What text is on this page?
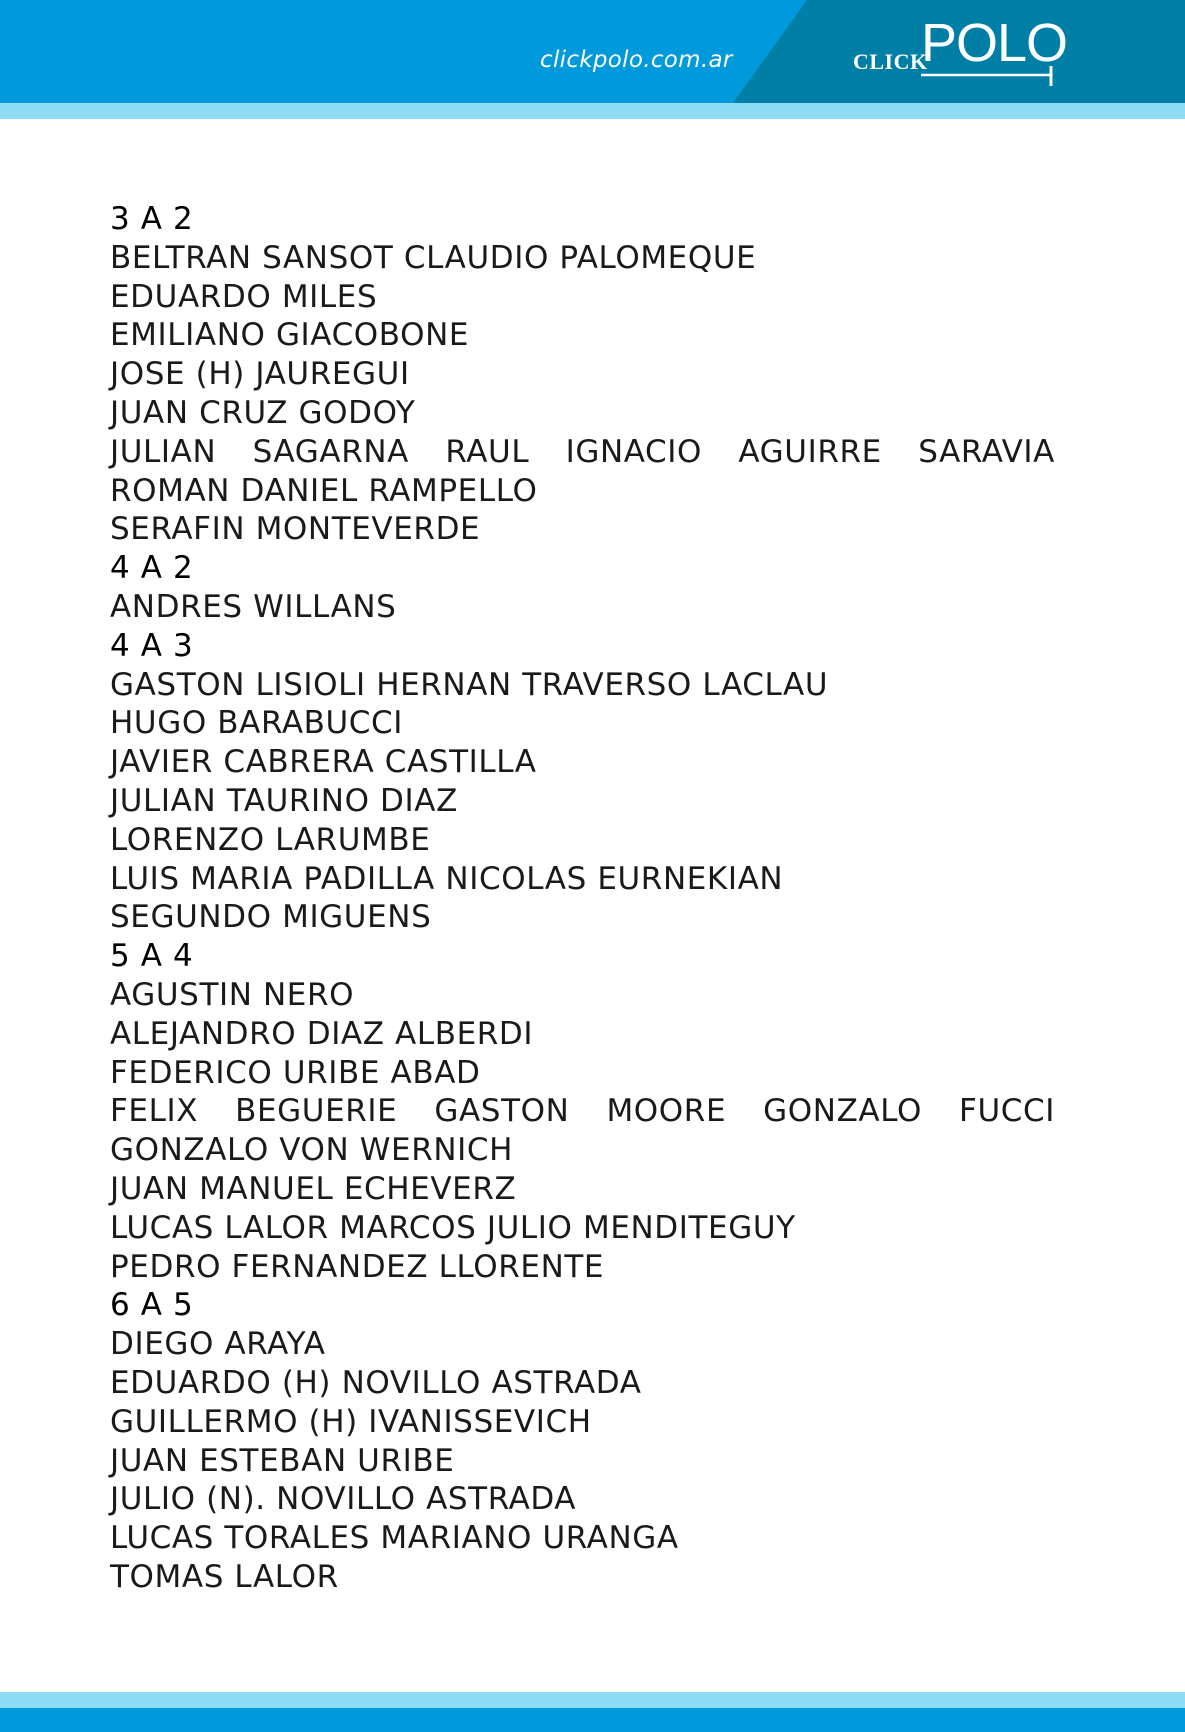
clickpolo.com.ar	CLICK
POLO
3 A 2
BELTRAN SANSOT CLAUDIO PALOMEQUE
EDUARDO MILES
EMILIANO GIACOBONE
JOSE (H) JAUREGUI
JUAN CRUZ GODOY
JULIAN SAGARNA RAUL IGNACIO AGUIRRE SARAVIA
ROMAN DANIEL RAMPELLO
SERAFIN MONTEVERDE
4 A 2
ANDRES WILLANS
4 A 3
GASTON LISIOLI HERNAN TRAVERSO LACLAU
HUGO BARABUCCI
JAVIER CABRERA CASTILLA
JULIAN TAURINO DIAZ
LORENZO LARUMBE
LUIS MARIA PADILLA NICOLAS EURNEKIAN
SEGUNDO MIGUENS
5 A 4
AGUSTIN NERO
ALEJANDRO DIAZ ALBERDI
FEDERICO URIBE ABAD
FELIX BEGUERIE GASTON MOORE GONZALO FUCCI
GONZALO VON WERNICH
JUAN MANUEL ECHEVERZ
LUCAS LALOR MARCOS JULIO MENDITEGUY
PEDRO FERNANDEZ LLORENTE
6 A 5
DIEGO ARAYA
EDUARDO (H) NOVILLO ASTRADA
GUILLERMO (H) IVANISSEVICH
JUAN ESTEBAN URIBE
JULIO (N). NOVILLO ASTRADA
LUCAS TORALES MARIANO URANGA
TOMAS LALOR
